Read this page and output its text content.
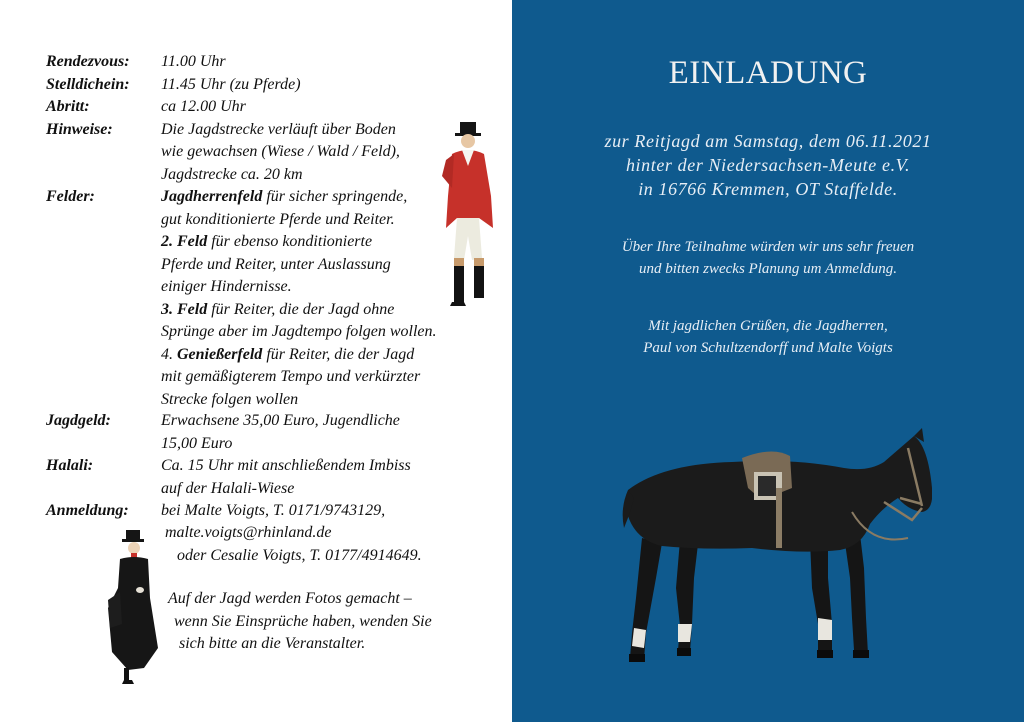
Rendezvous:	11.00 Uhr
Stelldichein:	11.45 Uhr (zu Pferde)
Abritt:	ca 12.00 Uhr
Hinweise:	Die Jagdstrecke verläuft über Boden
wie gewachsen (Wiese / Wald / Feld),
Jagdstrecke ca. 20 km
Felder:	Jagdherrenfeld für sicher springende,
gut konditionierte Pferde und Reiter.
2. Feld für ebenso konditionierte
Pferde und Reiter, unter Auslassung
einiger Hindernisse.
3. Feld für Reiter, die der Jagd ohne
Sprünge aber im Jagdtempo folgen wollen.
4. Genießerfeld für Reiter, die der Jagd
mit gemäßigterem Tempo und verkürzter
Strecke folgen wollen
Jagdgeld:	Erwachsene 35,00 Euro, Jugendliche
15,00 Euro
Halali:	Ca. 15 Uhr mit anschließendem Imbiss
auf der Halali-Wiese
Anmeldung:	bei Malte Voigts, T. 0171/9743129,
malte.voigts@rhinland.de
oder Cesalie Voigts, T. 0177/4914649.
Auf der Jagd werden Fotos gemacht –
wenn Sie Einsprüche haben, wenden Sie
sich bitte an die Veranstalter.
EINLADUNG
zur Reitjagd am Samstag, dem 06.11.2021
hinter der Niedersachsen-Meute e.V.
in 16766 Kremmen, OT Staffelde.
Über Ihre Teilnahme würden wir uns sehr freuen
und bitten zwecks Planung um Anmeldung.
Mit jagdlichen Grüßen, die Jagdherren,
Paul von Schultzendorff und Malte Voigts
